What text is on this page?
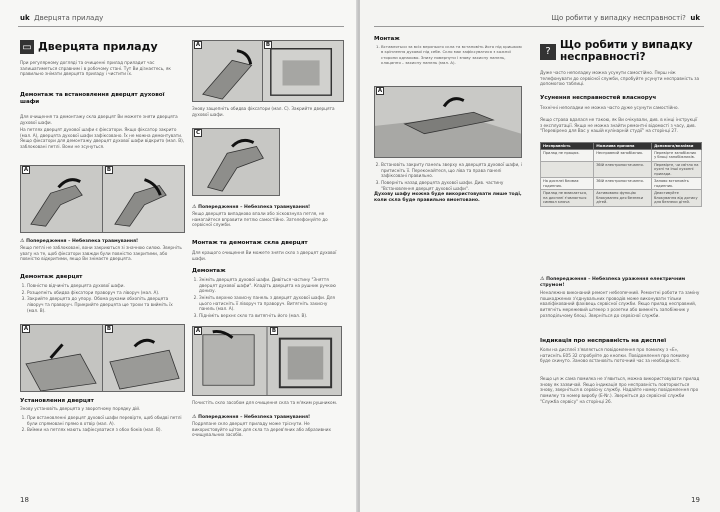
uk Дверцята приладу
▭ Дверцята приладу
При регулярному догляді та очищенні прилад приладит час залишатиметься справним і в робочому стані. Тут Ви дізнаєтесь, як правильно знімати дверцята приладу і чистити їх.
Демонтаж та встановлення дверцят духової шафи
Для очищення та демонтажу скла дверцят Ви можете зняти дверцята духової шафи.
На петлях дверцят духової шафи є фіксатори. Якщо фіксатор закрито (мал. А), дверцята духової шафи зафіксовано. Їх не можна демонтувати. Якщо фіксатори для демонтажу дверцят духової шафи відкрито (мал. B), заблоковані петлі. Вони не зсунуться.
A	B
⚠ Попередження – Небезпека травмування!
Якщо петлі не заблоковані, вони закриються зі значною силою. Зверніть увагу на те, щоб фіксатори завжди були повністю закритими, або повністю відкритими, якщо Ви знімаєте дверцята.
Демонтаж дверцят
1. Повністю відчиніть дверцята духової шафи.
2. Розщепніть обидва фіксатори праворуч та ліворуч (мал. А).
3. Закрийте дверцята до упору. Обома руками обхопіть дверцята ліворуч та праворуч. Прикрийте дверцята ще трохи та вийміть їх (мал. B).
A	B
Установлення дверцят
Знову установіть дверцята у зворотному порядку дій.
1. При встановленні дверцят духової шафи перевірте, щоб обидві петлі були спрямовані прямо в отвір (мал. А).
2. Виїмки на петлях мають зафіксуватися з обох боків (мал. B).
18
A	B
Знову защепніть обидва фіксатори (мал. С). Закрийте дверцята духової шафи.
C
⚠ Попередження – Небезпека травмування!
Якщо дверцята випадково впали або зісковзнула петля, не намагайтеся вправити петлю самостійно. Зателефонуйте до сервісної служби.
Монтаж та демонтаж скла дверцят
Для кращого очищення Ви можете зняти скло з дверцят духової шафи.
Демонтаж
1. Зніміть дверцята духової шафи. Дивіться частину "Зняття дверцят духової шафи". Кладіть дверцята на рушник ручкою донизу.
2. Зніміть верхню захисну панель з дверцят духової шафи. Для цього натисніть її ліворуч та праворуч. Витягніть захисну панель (мал. А).
3. Підніміть верхнє скло та витягніть його (мал. B).
A	B
Почистіть скло засобом для очищення скла та м'яким рушником.
⚠ Попередження – Небезпека травмування!
Подряпане скло дверцят приладу може тріснути. Не використовуйте щіток для скла та дерев'яних або абразивних очищувальних засобів.
Що робити у випадку несправності? uk
Монтаж
A
2. Встановіть закриту панель зверху на дверцята духової шафи, і притисніть її. Переконайтеся, що ліва та права панелі зафіксовані правильно.
3. Поверніть назад дверцята духової шафи. Див. частину "Встановлення дверцят духової шафи".
Духову шафу можна буде використовувати лише тоді, коли скла буде правильно вмонтовано.
?
Що робити у випадку несправності?
Дуже часто неполадку можна усунути самостійно. Перш ніж телефонувати до сервісної служби, спробуйте усунути несправність за допомогою таблиці.
Усунення несправностей власноруч
Технічні неполадки не можна часто дуже усунути самостійно.
Якщо страва вдалася не такою, як Ви очікували, див. в кінці інструкції з експлуатації. Якщо не можна знайти ремонтні відомості з часу, див. "Перевірено для Вас у нашій кулінарній студії" на сторінці 27.
Несправність	Можлива причина	Допомога/вказівки
Прилад не працює.	Несправний запобіжник.	Перевірте запобіжник у блоці запобіжників.
	Збій електропостачання.	Перевірте, чи світло на кухні та інші кухонні прилади.
На дисплеї блимає годинник.	Збій електропостачання.	Заново встановіть годинник.
Прилад не вмикається, на дисплеї з'являється символ ключа	Активовано функцію блокування для безпеки дітей.	Деактивуйте блокування від дотику для безпеки дітей.
⚠ Попередження – Небезпека ураження електричним струмом!
Неналежно виконаний ремонт небезпечний. Ремонтні роботи та заміну пошкоджених з'єднувальних проводів може виконувати тільки кваліфікований фахівець сервісної служби. Якщо прилад несправний, витягніть мережевий штекер з розетки або вимкніть запобіжник у розподільчому блоці. Зверніться до сервісної служби.
Індикація про несправність на дисплеї
Коли на дисплеї з'являється повідомлення про помилку з «Е», натисніть E05 32 спробуйте до кнопки. Повідомлення про помилку буде скинуто. Заново встановіть поточний час за необхідності.
Якщо ця ж сама помилка не з'явиться, можна використовувати прилад знову як зазвичай. Якщо індикація про несправність повторюється знову, зверніться в сервісну службу. Надайте номер повідомлення про помилку та номер виробу (E-Nr.). Зверніться до сервісної служби "Служба сервісу" на сторінці 26.
19
1. Вставлятьси за всіх верхнього скла та встановіть його під кришкою в кріплення духової під себе. Скло має зафіксуватися з кожної сторони однаково. Знизу повернути і знову захисну панель, клацання – захисну панель (мал. А).
